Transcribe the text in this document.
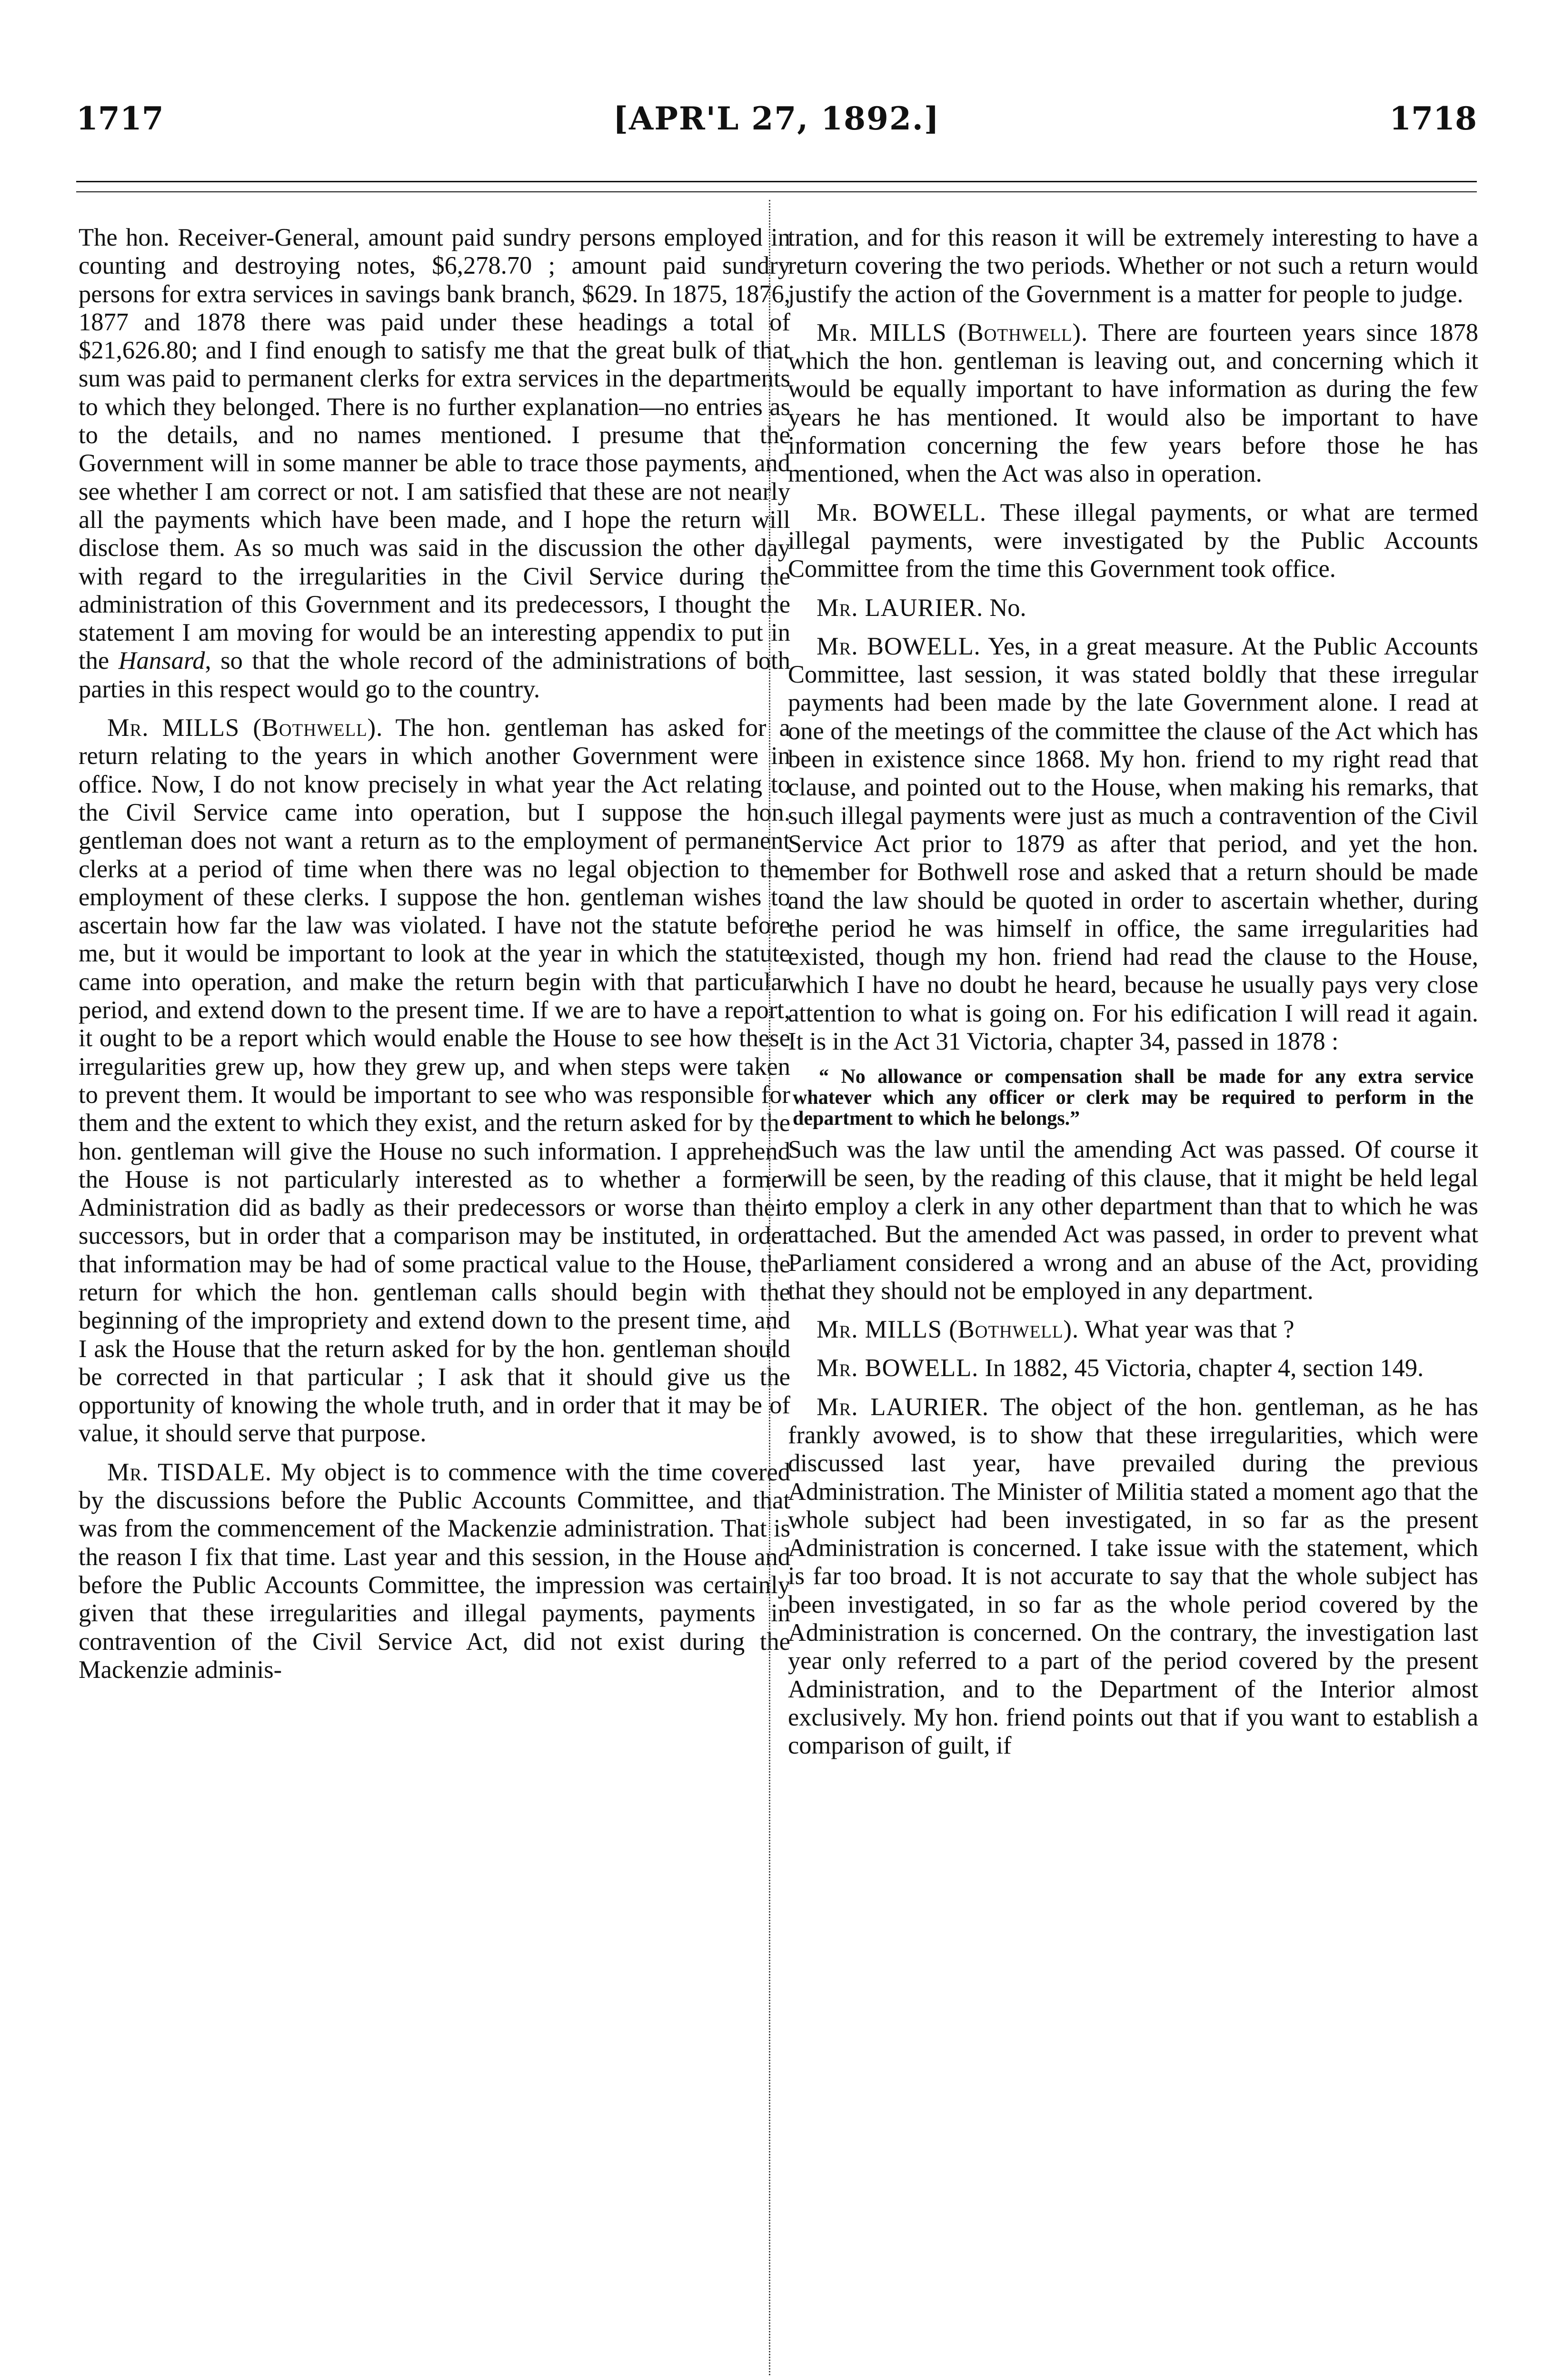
1717	[APR'L 27, 1892.]	1718

The hon. Receiver-General, amount paid sundry persons employed in counting and destroying notes, $6,278.70 ; amount paid sundry persons for extra services in savings bank branch, $629. In 1875, 1876, 1877 and 1878 there was paid under these headings a total of $21,626.80; and I find enough to satisfy me that the great bulk of that sum was paid to permanent clerks for extra services in the departments to which they belonged. There is no further explanation—no entries as to the details, and no names mentioned. I presume that the Government will in some manner be able to trace those payments, and see whether I am correct or not. I am satisfied that these are not nearly all the payments which have been made, and I hope the return will disclose them. As so much was said in the discussion the other day with regard to the irregularities in the Civil Service during the administration of this Government and its predecessors, I thought the statement I am moving for would be an interesting appendix to put in the Hansard, so that the whole record of the administrations of both parties in this respect would go to the country.

Mr. MILLS (Bothwell). The hon. gentleman has asked for a return relating to the years in which another Government were in office. Now, I do not know precisely in what year the Act relating to the Civil Service came into operation, but I suppose the hon. gentleman does not want a return as to the employment of permanent clerks at a period of time when there was no legal objection to the employment of these clerks. I suppose the hon. gentleman wishes to ascertain how far the law was violated. I have not the statute before me, but it would be important to look at the year in which the statute came into operation, and make the return begin with that particular period, and extend down to the present time. If we are to have a report, it ought to be a report which would enable the House to see how these irregularities grew up, how they grew up, and when steps were taken to prevent them. It would be important to see who was responsible for them and the extent to which they exist, and the return asked for by the hon. gentleman will give the House no such information. I apprehend the House is not particularly interested as to whether a former Administration did as badly as their predecessors or worse than their successors, but in order that a comparison may be instituted, in order that information may be had of some practical value to the House, the return for which the hon. gentleman calls should begin with the beginning of the impropriety and extend down to the present time, and I ask the House that the return asked for by the hon. gentleman should be corrected in that particular ; I ask that it should give us the opportunity of knowing the whole truth, and in order that it may be of value, it should serve that purpose.

Mr. TISDALE. My object is to commence with the time covered by the discussions before the Public Accounts Committee, and that was from the commencement of the Mackenzie administration. That is the reason I fix that time. Last year and this session, in the House and before the Public Accounts Committee, the impression was certainly given that these irregularities and illegal payments, payments in contravention of the Civil Service Act, did not exist during the Mackenzie adminis-

tration, and for this reason it will be extremely interesting to have a return covering the two periods. Whether or not such a return would justify the action of the Government is a matter for people to judge.

Mr. MILLS (Bothwell). There are fourteen years since 1878 which the hon. gentleman is leaving out, and concerning which it would be equally important to have information as during the few years he has mentioned. It would also be important to have information concerning the few years before those he has mentioned, when the Act was also in operation.

Mr. BOWELL. These illegal payments, or what are termed illegal payments, were investigated by the Public Accounts Committee from the time this Government took office.

Mr. LAURIER. No.

Mr. BOWELL. Yes, in a great measure. At the Public Accounts Committee, last session, it was stated boldly that these irregular payments had been made by the late Government alone. I read at one of the meetings of the committee the clause of the Act which has been in existence since 1868. My hon. friend to my right read that clause, and pointed out to the House, when making his remarks, that such illegal payments were just as much a contravention of the Civil Service Act prior to 1879 as after that period, and yet the hon. member for Bothwell rose and asked that a return should be made and the law should be quoted in order to ascertain whether, during the period he was himself in office, the same irregularities had existed, though my hon. friend had read the clause to the House, which I have no doubt he heard, because he usually pays very close attention to what is going on. For his edification I will read it again. It is in the Act 31 Victoria, chapter 34, passed in 1878 :

“ No allowance or compensation shall be made for any extra service whatever which any officer or clerk may be required to perform in the department to which he belongs.”

Such was the law until the amending Act was passed. Of course it will be seen, by the reading of this clause, that it might be held legal to employ a clerk in any other department than that to which he was attached. But the amended Act was passed, in order to prevent what Parliament considered a wrong and an abuse of the Act, providing that they should not be employed in any department.

Mr. MILLS (Bothwell). What year was that ?

Mr. BOWELL. In 1882, 45 Victoria, chapter 4, section 149.

Mr. LAURIER. The object of the hon. gentleman, as he has frankly avowed, is to show that these irregularities, which were discussed last year, have prevailed during the previous Administration. The Minister of Militia stated a moment ago that the whole subject had been investigated, in so far as the present Administration is concerned. I take issue with the statement, which is far too broad. It is not accurate to say that the whole subject has been investigated, in so far as the whole period covered by the Administration is concerned. On the contrary, the investigation last year only referred to a part of the period covered by the present Administration, and to the Department of the Interior almost exclusively. My hon. friend points out that if you want to establish a comparison of guilt, if
